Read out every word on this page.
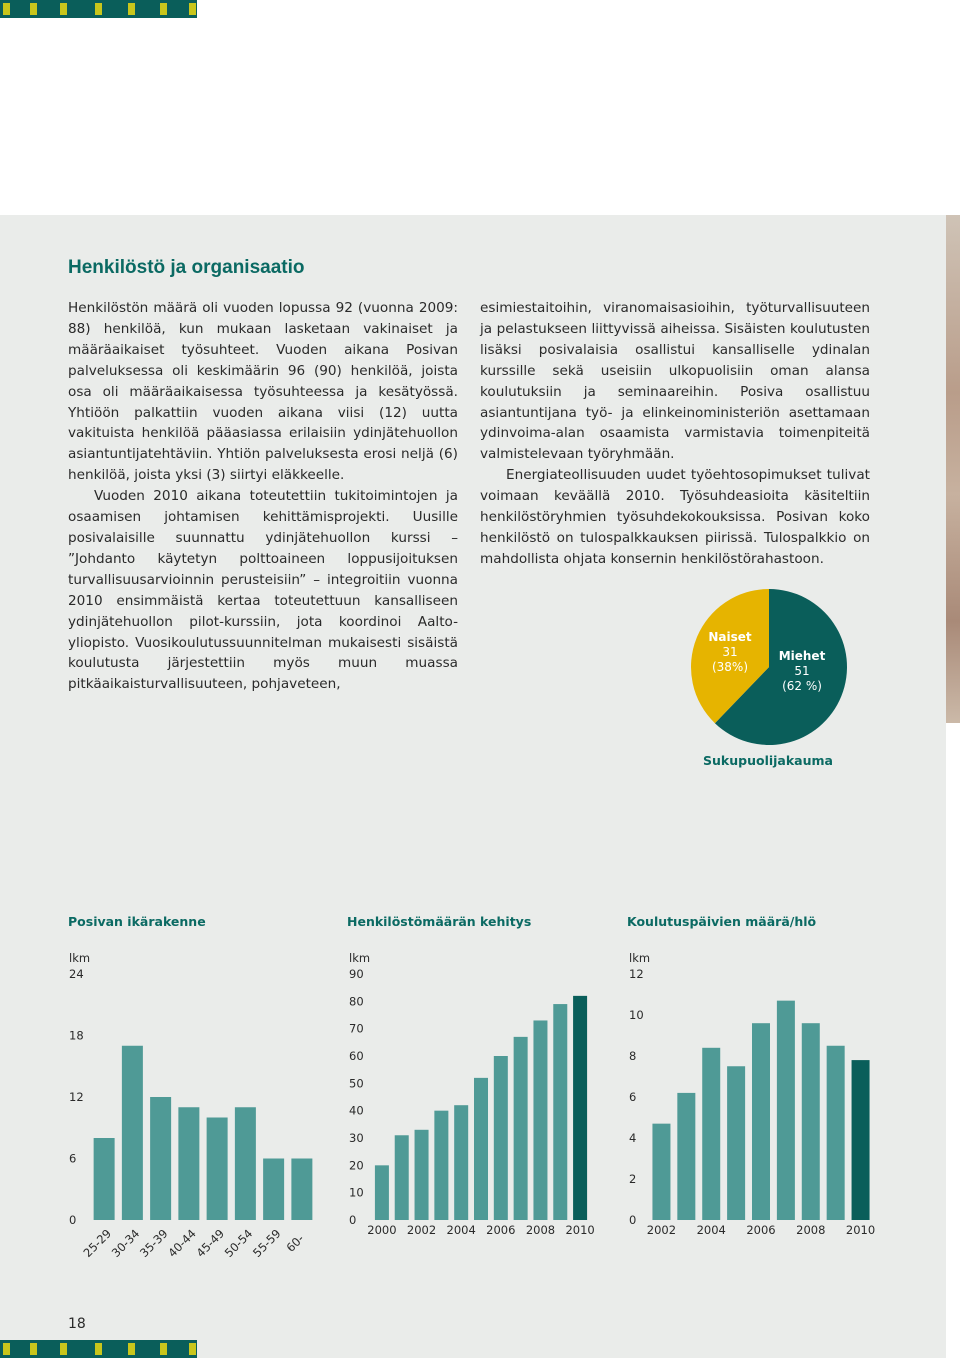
Henkilöstö ja organisaatio

Henkilöstön määrä oli vuoden lopussa 92 (vuonna 2009: 88) henkilöä, kun mukaan lasketaan vakinaiset ja määräaikaiset työsuhteet. Vuoden aikana Posivan palveluksessa oli keskimäärin 96 (90) henkilöä, joista osa oli määräaikaisessa työsuhteessa ja kesätyössä. Yhtiöön palkattiin vuoden aikana viisi (12) uutta vakituista henkilöä pääasiassa erilaisiin ydinjätehuollon asiantuntijatehtäviin. Yhtiön palveluksesta erosi neljä (6) henkilöä, joista yksi (3) siirtyi eläkkeelle.

Vuoden 2010 aikana toteutettiin tukitoimintojen ja osaamisen johtamisen kehittämisprojekti. Uusille posivalaisille suunnattu ydinjätehuollon kurssi – ”Johdanto käytetyn polttoaineen loppusijoituksen turvallisuusarvioinnin perusteisiin” – integroitiin vuonna 2010 ensimmäistä kertaa toteutettuun kansalliseen ydinjätehuollon pilot-kurssiin, jota koordinoi Aalto-yliopisto. Vuosikoulutussuunnitelman mukaisesti sisäistä koulutusta järjestettiin myös muun muassa pitkäaikaisturvallisuuteen, pohjaveteen,

esimiestaitoihin, viranomaisasioihin, työturvallisuuteen ja pelastukseen liittyvissä aiheissa. Sisäisten koulutusten lisäksi posivalaisia osallistui kansalliselle ydinalan kurssille sekä useisiin ulkopuolisiin oman alansa koulutuksiin ja seminaareihin. Posiva osallistuu asiantuntijana työ- ja elinkeinoministeriön asettamaan ydinvoima-alan osaamista varmistavia toimenpiteitä valmistelevaan työryhmään.

Energiateollisuuden uudet työehtosopimukset tulivat voimaan keväällä 2010. Työsuhdeasioita käsiteltiin henkilöstöryhmien työsuhdekokouksissa. Posivan koko henkilöstö on tulospalkkauksen piirissä. Tulospalkkio on mahdollista ohjata konsernin henkilöstörahastoon.

Naiset
31
(38%)
Miehet
51
(62 %)
Sukupuolijakauma
Posivan ikärakenne	Henkilöstömäärän kehitys	Koulutuspäivien määrä/hlö
lkm
0
6
12
18
24
25-29
30-34
35-39
40-44
45-49
50-54
55-59 60-
lkm
0
10
20
30
40
50
60
70
80
90
2000 2002 2004 2006 2008 2010
lkm
0
2
4
6
8
10
12
2002 2004 2006 2008 2010
18
